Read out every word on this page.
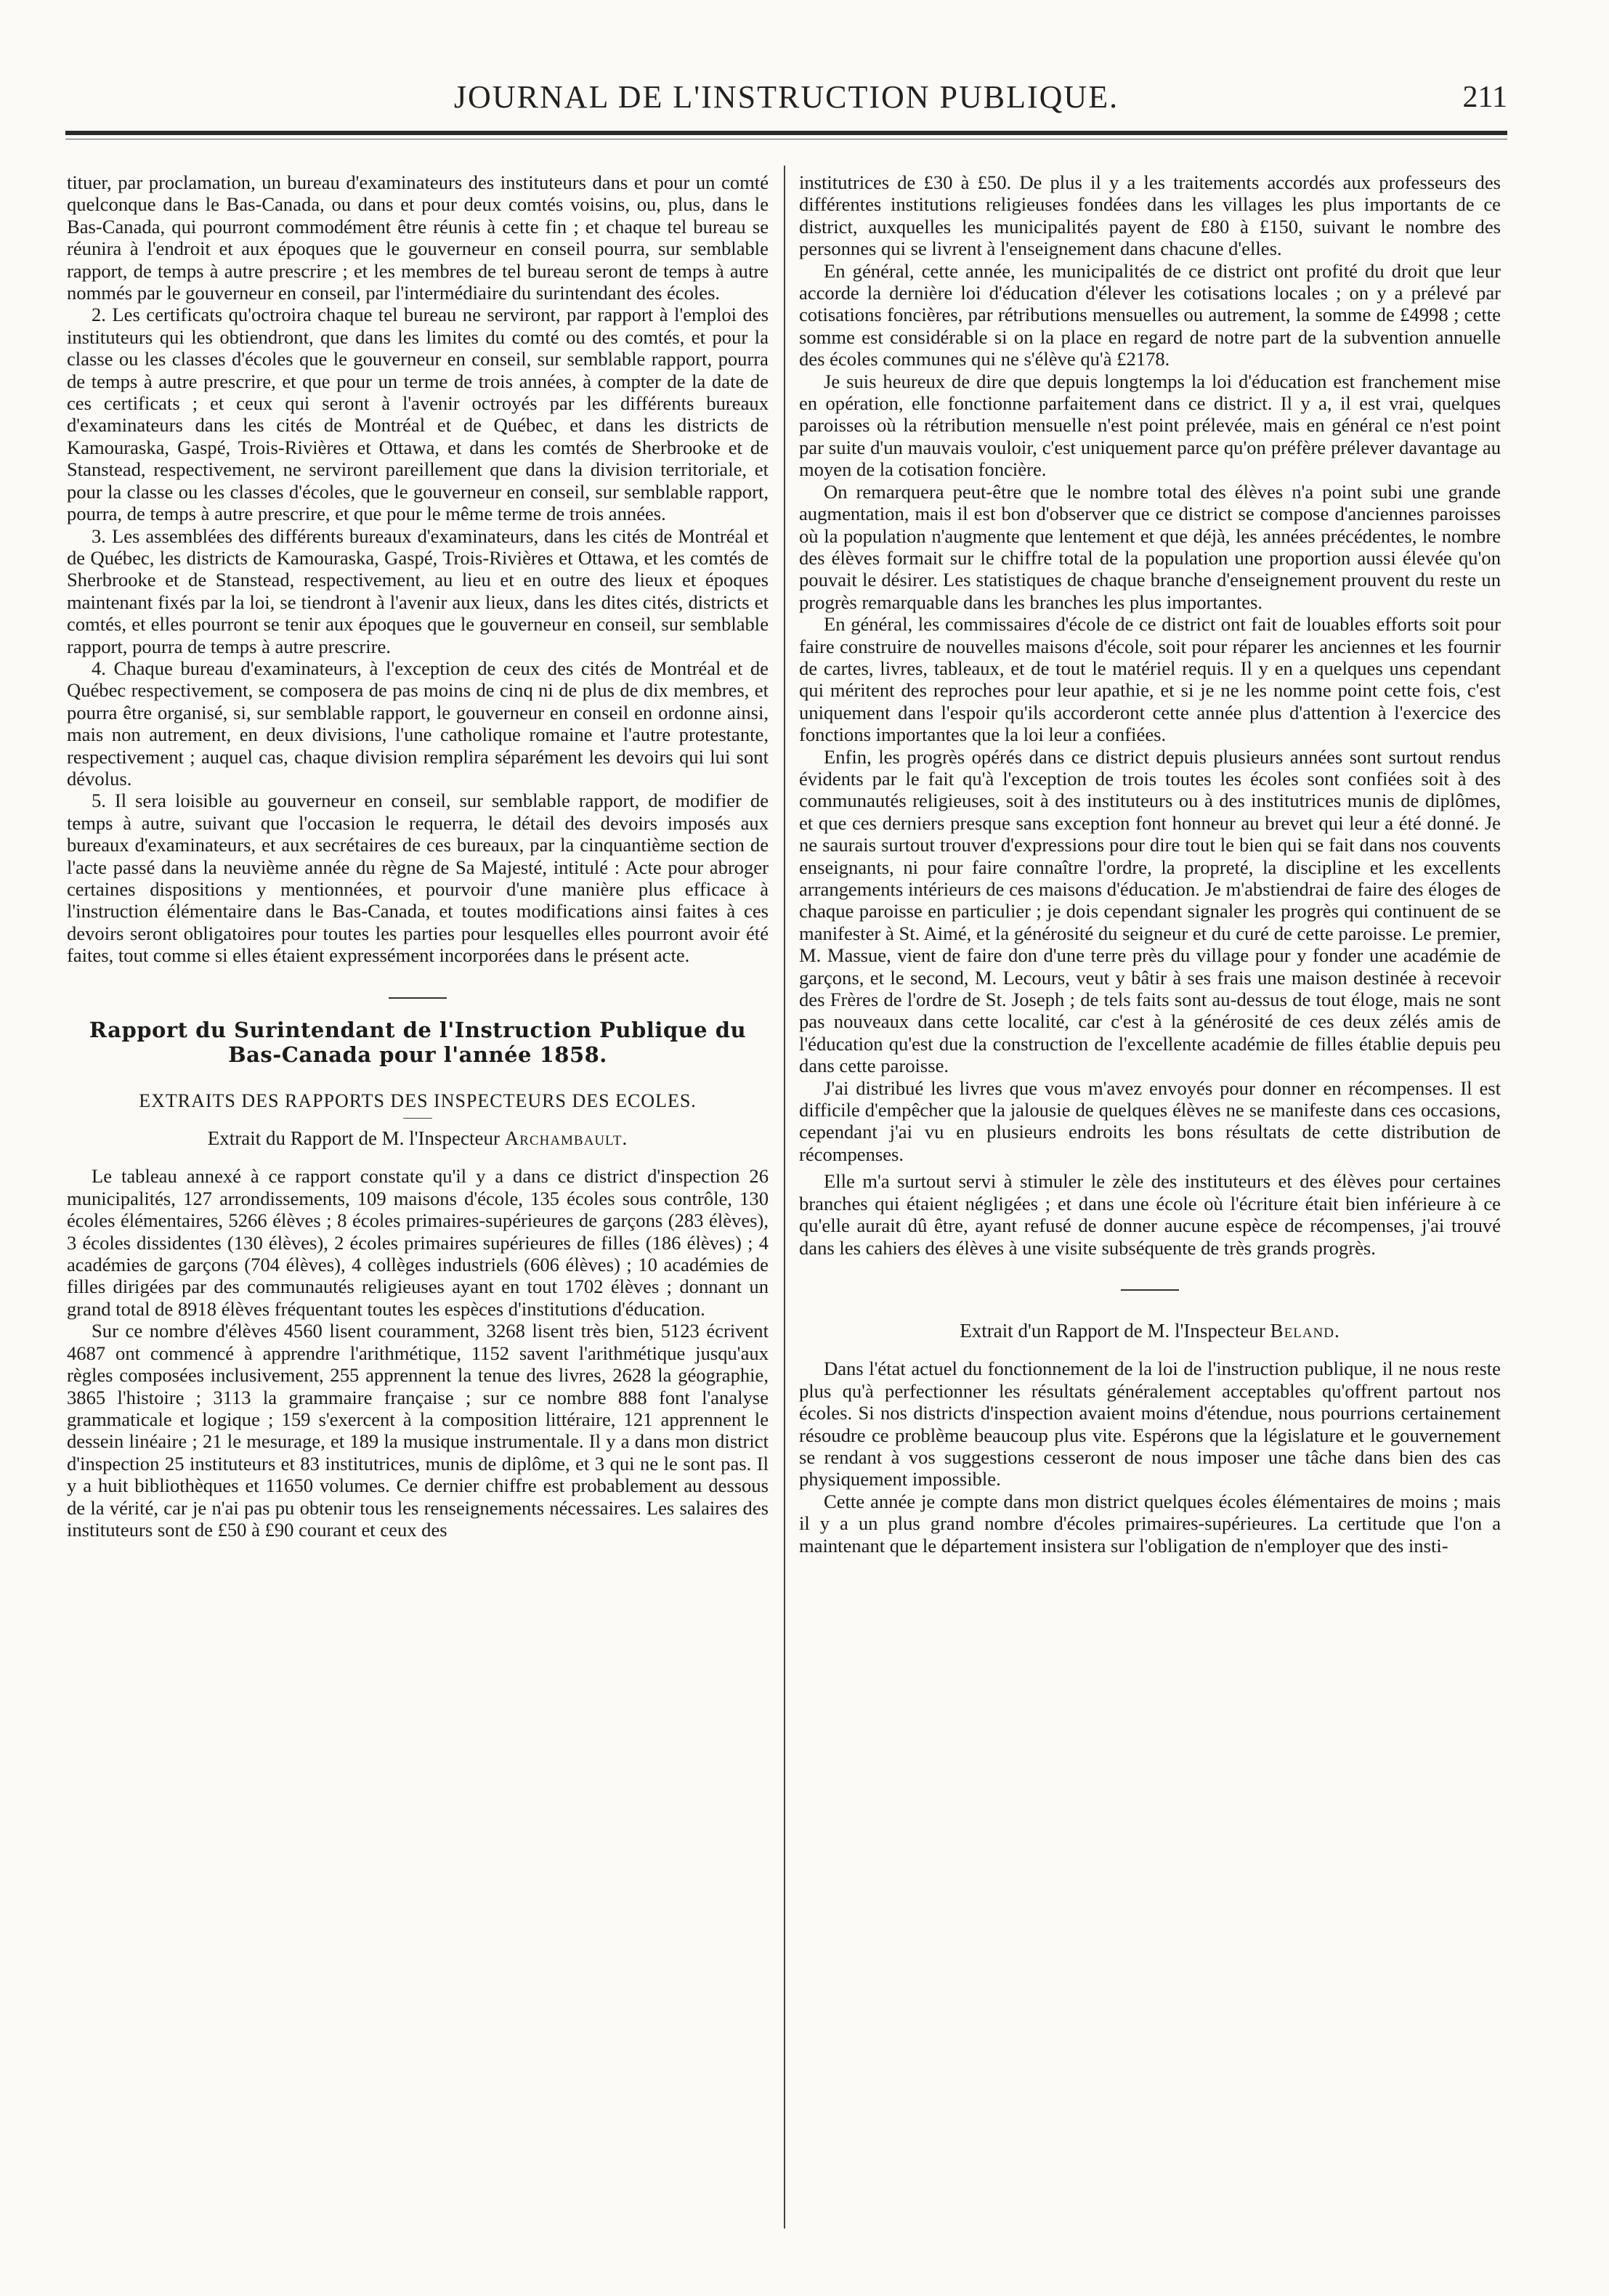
JOURNAL DE L'INSTRUCTION PUBLIQUE.	211

tituer, par proclamation, un bureau d'examinateurs des instituteurs dans et pour un comté quelconque dans le Bas-Canada, ou dans et pour deux comtés voisins, ou, plus, dans le Bas-Canada, qui pourront commodément être réunis à cette fin ; et chaque tel bureau se réunira à l'endroit et aux époques que le gouverneur en conseil pourra, sur semblable rapport, de temps à autre prescrire ; et les membres de tel bureau seront de temps à autre nommés par le gouverneur en conseil, par l'intermédiaire du surintendant des écoles.

2. Les certificats qu'octroira chaque tel bureau ne serviront, par rapport à l'emploi des instituteurs qui les obtiendront, que dans les limites du comté ou des comtés, et pour la classe ou les classes d'écoles que le gouverneur en conseil, sur semblable rapport, pourra de temps à autre prescrire, et que pour un terme de trois années, à compter de la date de ces certificats ; et ceux qui seront à l'avenir octroyés par les différents bureaux d'examinateurs dans les cités de Montréal et de Québec, et dans les districts de Kamouraska, Gaspé, Trois-Rivières et Ottawa, et dans les comtés de Sherbrooke et de Stanstead, respectivement, ne serviront pareillement que dans la division territoriale, et pour la classe ou les classes d'écoles, que le gouverneur en conseil, sur semblable rapport, pourra, de temps à autre prescrire, et que pour le même terme de trois années.

3. Les assemblées des différents bureaux d'examinateurs, dans les cités de Montréal et de Québec, les districts de Kamouraska, Gaspé, Trois-Rivières et Ottawa, et les comtés de Sherbrooke et de Stanstead, respectivement, au lieu et en outre des lieux et époques maintenant fixés par la loi, se tiendront à l'avenir aux lieux, dans les dites cités, districts et comtés, et elles pourront se tenir aux époques que le gouverneur en conseil, sur semblable rapport, pourra de temps à autre prescrire.

4. Chaque bureau d'examinateurs, à l'exception de ceux des cités de Montréal et de Québec respectivement, se composera de pas moins de cinq ni de plus de dix membres, et pourra être organisé, si, sur semblable rapport, le gouverneur en conseil en ordonne ainsi, mais non autrement, en deux divisions, l'une catholique romaine et l'autre protestante, respectivement ; auquel cas, chaque division remplira séparément les devoirs qui lui sont dévolus.

5. Il sera loisible au gouverneur en conseil, sur semblable rapport, de modifier de temps à autre, suivant que l'occasion le requerra, le détail des devoirs imposés aux bureaux d'examinateurs, et aux secrétaires de ces bureaux, par la cinquantième section de l'acte passé dans la neuvième année du règne de Sa Majesté, intitulé : Acte pour abroger certaines dispositions y mentionnées, et pourvoir d'une manière plus efficace à l'instruction élémentaire dans le Bas-Canada, et toutes modifications ainsi faites à ces devoirs seront obligatoires pour toutes les parties pour lesquelles elles pourront avoir été faites, tout comme si elles étaient expressément incorporées dans le présent acte.

Rapport du Surintendant de l'Instruction Publique du Bas-Canada pour l'année 1858.
EXTRAITS DES RAPPORTS DES INSPECTEURS DES ECOLES.
Extrait du Rapport de M. l'Inspecteur Archambault.

Le tableau annexé à ce rapport constate qu'il y a dans ce district d'inspection 26 municipalités, 127 arrondissements, 109 maisons d'école, 135 écoles sous contrôle, 130 écoles élémentaires, 5266 élèves ; 8 écoles primaires-supérieures de garçons (283 élèves), 3 écoles dissidentes (130 élèves), 2 écoles primaires supérieures de filles (186 élèves) ; 4 académies de garçons (704 élèves), 4 collèges industriels (606 élèves) ; 10 académies de filles dirigées par des communautés religieuses ayant en tout 1702 élèves ; donnant un grand total de 8918 élèves fréquentant toutes les espèces d'institutions d'éducation.

Sur ce nombre d'élèves 4560 lisent couramment, 3268 lisent très bien, 5123 écrivent 4687 ont commencé à apprendre l'arithmétique, 1152 savent l'arithmétique jusqu'aux règles composées inclusivement, 255 apprennent la tenue des livres, 2628 la géographie, 3865 l'histoire ; 3113 la grammaire française ; sur ce nombre 888 font l'analyse grammaticale et logique ; 159 s'exercent à la composition littéraire, 121 apprennent le dessein linéaire ; 21 le mesurage, et 189 la musique instrumentale. Il y a dans mon district d'inspection 25 instituteurs et 83 institutrices, munis de diplôme, et 3 qui ne le sont pas. Il y a huit bibliothèques et 11650 volumes. Ce dernier chiffre est probablement au dessous de la vérité, car je n'ai pas pu obtenir tous les renseignements nécessaires. Les salaires des instituteurs sont de £50 à £90 courant et ceux des

institutrices de £30 à £50. De plus il y a les traitements accordés aux professeurs des différentes institutions religieuses fondées dans les villages les plus importants de ce district, auxquelles les municipalités payent de £80 à £150, suivant le nombre des personnes qui se livrent à l'enseignement dans chacune d'elles.

En général, cette année, les municipalités de ce district ont profité du droit que leur accorde la dernière loi d'éducation d'élever les cotisations locales ; on y a prélevé par cotisations foncières, par rétributions mensuelles ou autrement, la somme de £4998 ; cette somme est considérable si on la place en regard de notre part de la subvention annuelle des écoles communes qui ne s'élève qu'à £2178.

Je suis heureux de dire que depuis longtemps la loi d'éducation est franchement mise en opération, elle fonctionne parfaitement dans ce district. Il y a, il est vrai, quelques paroisses où la rétribution mensuelle n'est point prélevée, mais en général ce n'est point par suite d'un mauvais vouloir, c'est uniquement parce qu'on préfère prélever davantage au moyen de la cotisation foncière.

On remarquera peut-être que le nombre total des élèves n'a point subi une grande augmentation, mais il est bon d'observer que ce district se compose d'anciennes paroisses où la population n'augmente que lentement et que déjà, les années précédentes, le nombre des élèves formait sur le chiffre total de la population une proportion aussi élevée qu'on pouvait le désirer. Les statistiques de chaque branche d'enseignement prouvent du reste un progrès remarquable dans les branches les plus importantes.

En général, les commissaires d'école de ce district ont fait de louables efforts soit pour faire construire de nouvelles maisons d'école, soit pour réparer les anciennes et les fournir de cartes, livres, tableaux, et de tout le matériel requis. Il y en a quelques uns cependant qui méritent des reproches pour leur apathie, et si je ne les nomme point cette fois, c'est uniquement dans l'espoir qu'ils accorderont cette année plus d'attention à l'exercice des fonctions importantes que la loi leur a confiées.

Enfin, les progrès opérés dans ce district depuis plusieurs années sont surtout rendus évidents par le fait qu'à l'exception de trois toutes les écoles sont confiées soit à des communautés religieuses, soit à des instituteurs ou à des institutrices munis de diplômes, et que ces derniers presque sans exception font honneur au brevet qui leur a été donné. Je ne saurais surtout trouver d'expressions pour dire tout le bien qui se fait dans nos couvents enseignants, ni pour faire connaître l'ordre, la propreté, la discipline et les excellents arrangements intérieurs de ces maisons d'éducation. Je m'abstiendrai de faire des éloges de chaque paroisse en particulier ; je dois cependant signaler les progrès qui continuent de se manifester à St. Aimé, et la générosité du seigneur et du curé de cette paroisse. Le premier, M. Massue, vient de faire don d'une terre près du village pour y fonder une académie de garçons, et le second, M. Lecours, veut y bâtir à ses frais une maison destinée à recevoir des Frères de l'ordre de St. Joseph ; de tels faits sont au-dessus de tout éloge, mais ne sont pas nouveaux dans cette localité, car c'est à la générosité de ces deux zélés amis de l'éducation qu'est due la construction de l'excellente académie de filles établie depuis peu dans cette paroisse.

J'ai distribué les livres que vous m'avez envoyés pour donner en récompenses. Il est difficile d'empêcher que la jalousie de quelques élèves ne se manifeste dans ces occasions, cependant j'ai vu en plusieurs endroits les bons résultats de cette distribution de récompenses.

Elle m'a surtout servi à stimuler le zèle des instituteurs et des élèves pour certaines branches qui étaient négligées ; et dans une école où l'écriture était bien inférieure à ce qu'elle aurait dû être, ayant refusé de donner aucune espèce de récompenses, j'ai trouvé dans les cahiers des élèves à une visite subséquente de très grands progrès.

Extrait d'un Rapport de M. l'Inspecteur Beland.

Dans l'état actuel du fonctionnement de la loi de l'instruction publique, il ne nous reste plus qu'à perfectionner les résultats généralement acceptables qu'offrent partout nos écoles. Si nos districts d'inspection avaient moins d'étendue, nous pourrions certainement résoudre ce problème beaucoup plus vite. Espérons que la législature et le gouvernement se rendant à vos suggestions cesseront de nous imposer une tâche dans bien des cas physiquement impossible.

Cette année je compte dans mon district quelques écoles élémentaires de moins ; mais il y a un plus grand nombre d'écoles primaires-supérieures. La certitude que l'on a maintenant que le département insistera sur l'obligation de n'employer que des insti-
